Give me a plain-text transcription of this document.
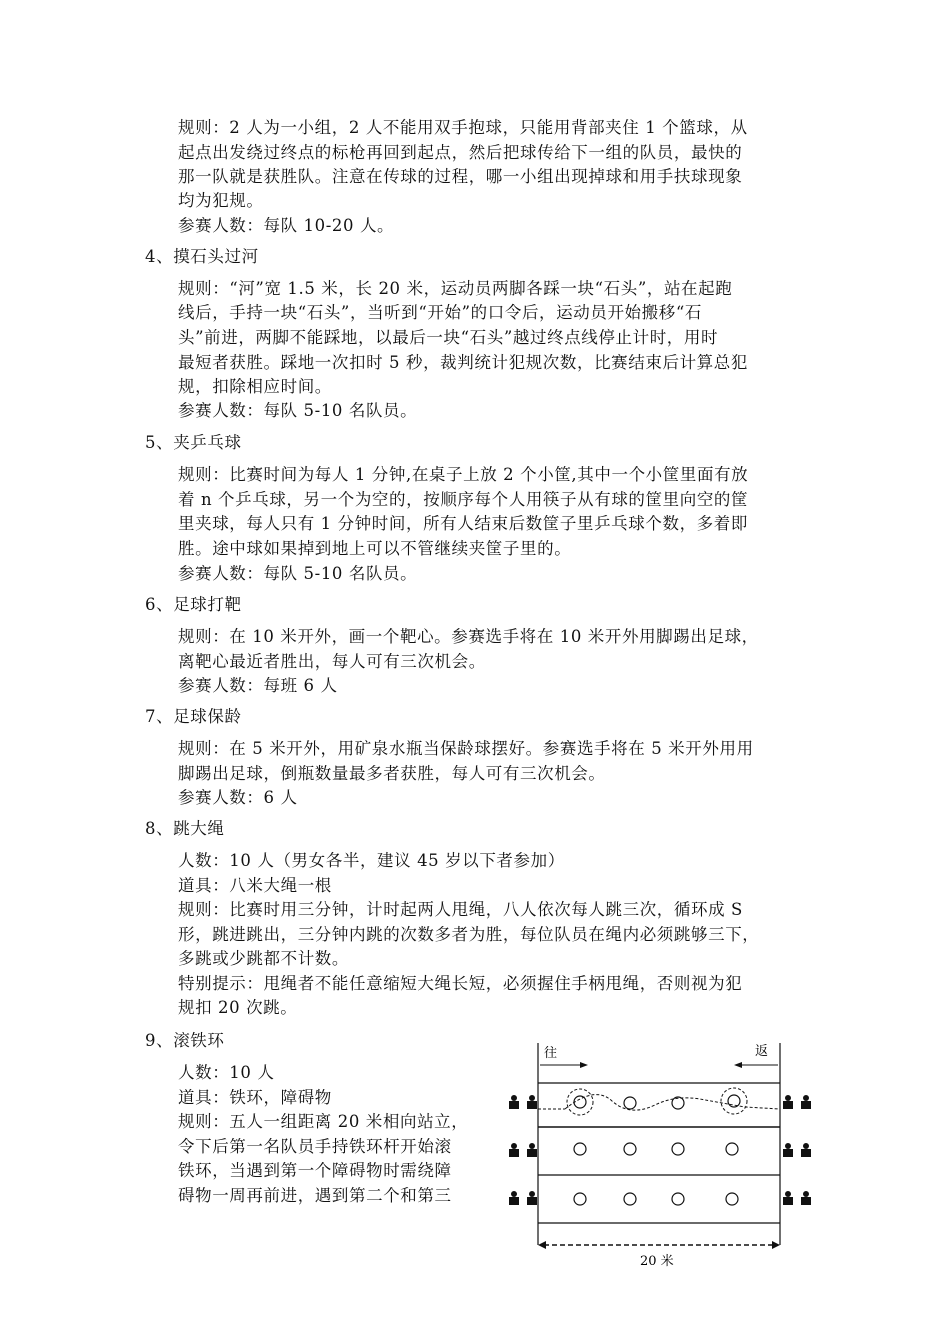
规则：2 人为一小组，2 人不能用双手抱球，只能用背部夹住 1 个篮球，从
起点出发绕过终点的标枪再回到起点，然后把球传给下一组的队员，最快的
那一队就是获胜队。注意在传球的过程，哪一小组出现掉球和用手扶球现象
均为犯规。
参赛人数：每队 10-20 人。
4、摸石头过河
规则：“河”宽 1.5 米，长 20 米，运动员两脚各踩一块“石头”，站在起跑
线后，手持一块“石头”，当听到“开始”的口令后，运动员开始搬移“石
头”前进，两脚不能踩地，以最后一块“石头”越过终点线停止计时，用时
最短者获胜。踩地一次扣时 5 秒，裁判统计犯规次数，比赛结束后计算总犯
规，扣除相应时间。
参赛人数：每队 5-10 名队员。
5、夹乒乓球
规则：比赛时间为每人 1 分钟,在桌子上放 2 个小筐,其中一个小筐里面有放
着 n 个乒乓球，另一个为空的，按顺序每个人用筷子从有球的筐里向空的筐
里夹球，每人只有 1 分钟时间，所有人结束后数筐子里乒乓球个数，多着即
胜。途中球如果掉到地上可以不管继续夹筐子里的。
参赛人数：每队 5-10 名队员。
6、足球打靶
规则：在 10 米开外，画一个靶心。参赛选手将在 10 米开外用脚踢出足球，
离靶心最近者胜出，每人可有三次机会。
参赛人数：每班 6 人
7、足球保龄
规则：在 5 米开外，用矿泉水瓶当保龄球摆好。参赛选手将在 5 米开外用用
脚踢出足球，倒瓶数量最多者获胜，每人可有三次机会。
参赛人数：6 人
8、跳大绳
人数：10 人（男女各半，建议 45 岁以下者参加）
道具：八米大绳一根
规则：比赛时用三分钟，计时起两人甩绳，八人依次每人跳三次，循环成 S
形，跳进跳出，三分钟内跳的次数多者为胜，每位队员在绳内必须跳够三下，
多跳或少跳都不计数。
特别提示：甩绳者不能任意缩短大绳长短，必须握住手柄甩绳，否则视为犯
规扣 20 次跳。
9、滚铁环
人数：10 人
道具：铁环，障碍物
规则：五人一组距离 20 米相向站立，
令下后第一名队员手持铁环杆开始滚
铁环，当遇到第一个障碍物时需绕障
碍物一周再前进，遇到第二个和第三
往	返
20 米
